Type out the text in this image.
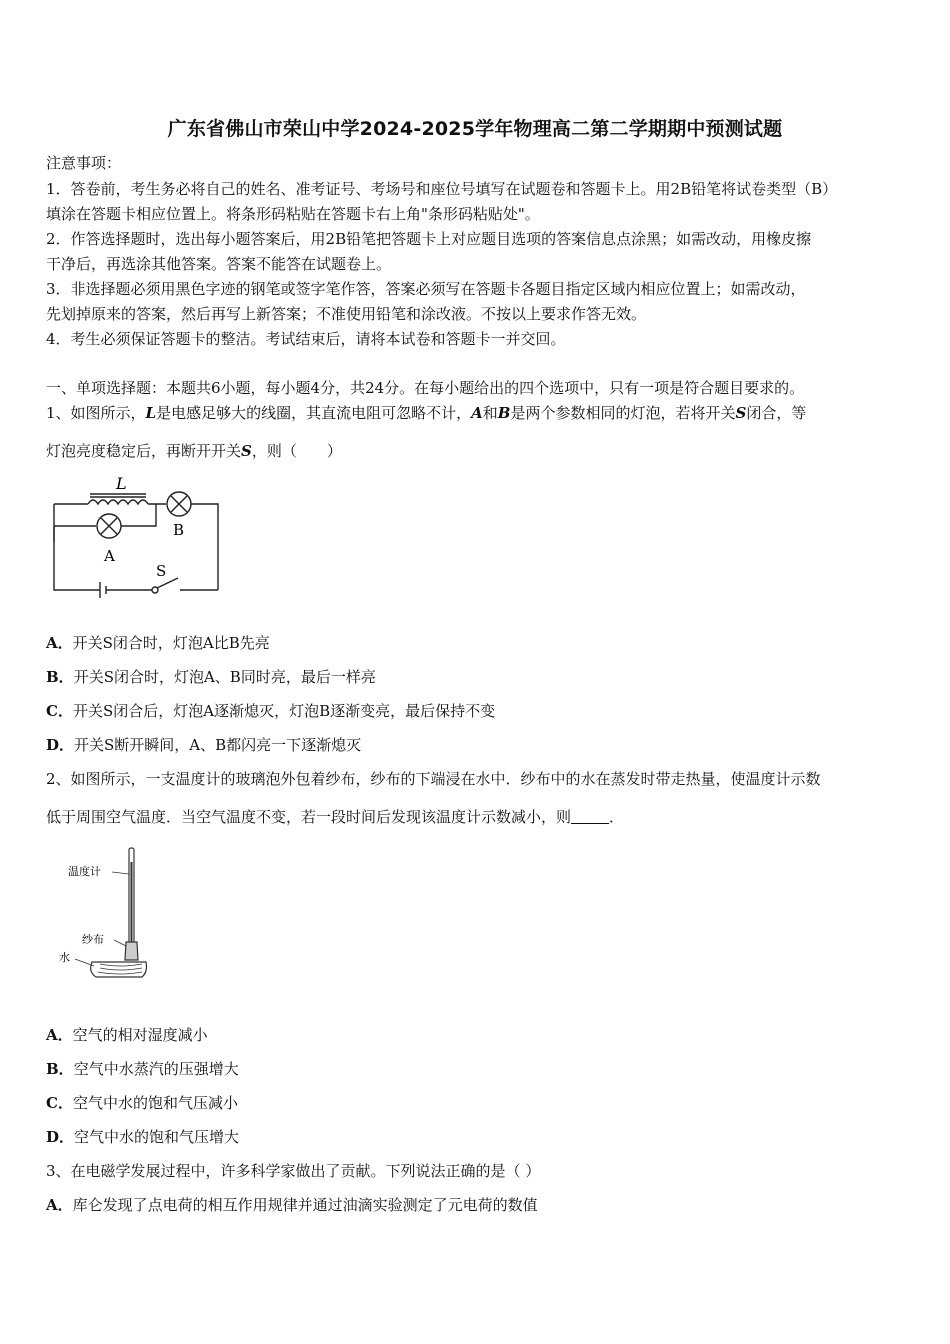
广东省佛山市荣山中学2024-2025学年物理高二第二学期期中预测试题
注意事项：
1．答卷前，考生务必将自己的姓名、准考证号、考场号和座位号填写在试题卷和答题卡上。用2B铅笔将试卷类型（B）
填涂在答题卡相应位置上。将条形码粘贴在答题卡右上角"条形码粘贴处"。
2．作答选择题时，选出每小题答案后，用2B铅笔把答题卡上对应题目选项的答案信息点涂黑；如需改动，用橡皮擦
干净后，再选涂其他答案。答案不能答在试题卷上。
3．非选择题必须用黑色字迹的钢笔或签字笔作答，答案必须写在答题卡各题目指定区域内相应位置上；如需改动，
先划掉原来的答案，然后再写上新答案；不准使用铅笔和涂改液。不按以上要求作答无效。
4．考生必须保证答题卡的整洁。考试结束后，请将本试卷和答题卡一并交回。
一、单项选择题：本题共6小题，每小题4分，共24分。在每小题给出的四个选项中，只有一项是符合题目要求的。
1、如图所示，L是电感足够大的线圈，其直流电阻可忽略不计，A和B是两个参数相同的灯泡，若将开关S闭合，等
灯泡亮度稳定后，再断开开关S，则（　　）
L
B
A
S
A．开关S闭合时，灯泡A比B先亮
B．开关S闭合时，灯泡A、B同时亮，最后一样亮
C．开关S闭合后，灯泡A逐渐熄灭，灯泡B逐渐变亮，最后保持不变
D．开关S断开瞬间，A、B都闪亮一下逐渐熄灭
2、如图所示，一支温度计的玻璃泡外包着纱布，纱布的下端浸在水中．纱布中的水在蒸发时带走热量，使温度计示数
低于周围空气温度．当空气温度不变，若一段时间后发现该温度计示数减小，则	．
温度计
纱布
水
A．空气的相对湿度减小
B．空气中水蒸汽的压强增大
C．空气中水的饱和气压减小
D．空气中水的饱和气压增大
3、在电磁学发展过程中，许多科学家做出了贡献。下列说法正确的是（ ）
A．库仑发现了点电荷的相互作用规律并通过油滴实验测定了元电荷的数值
